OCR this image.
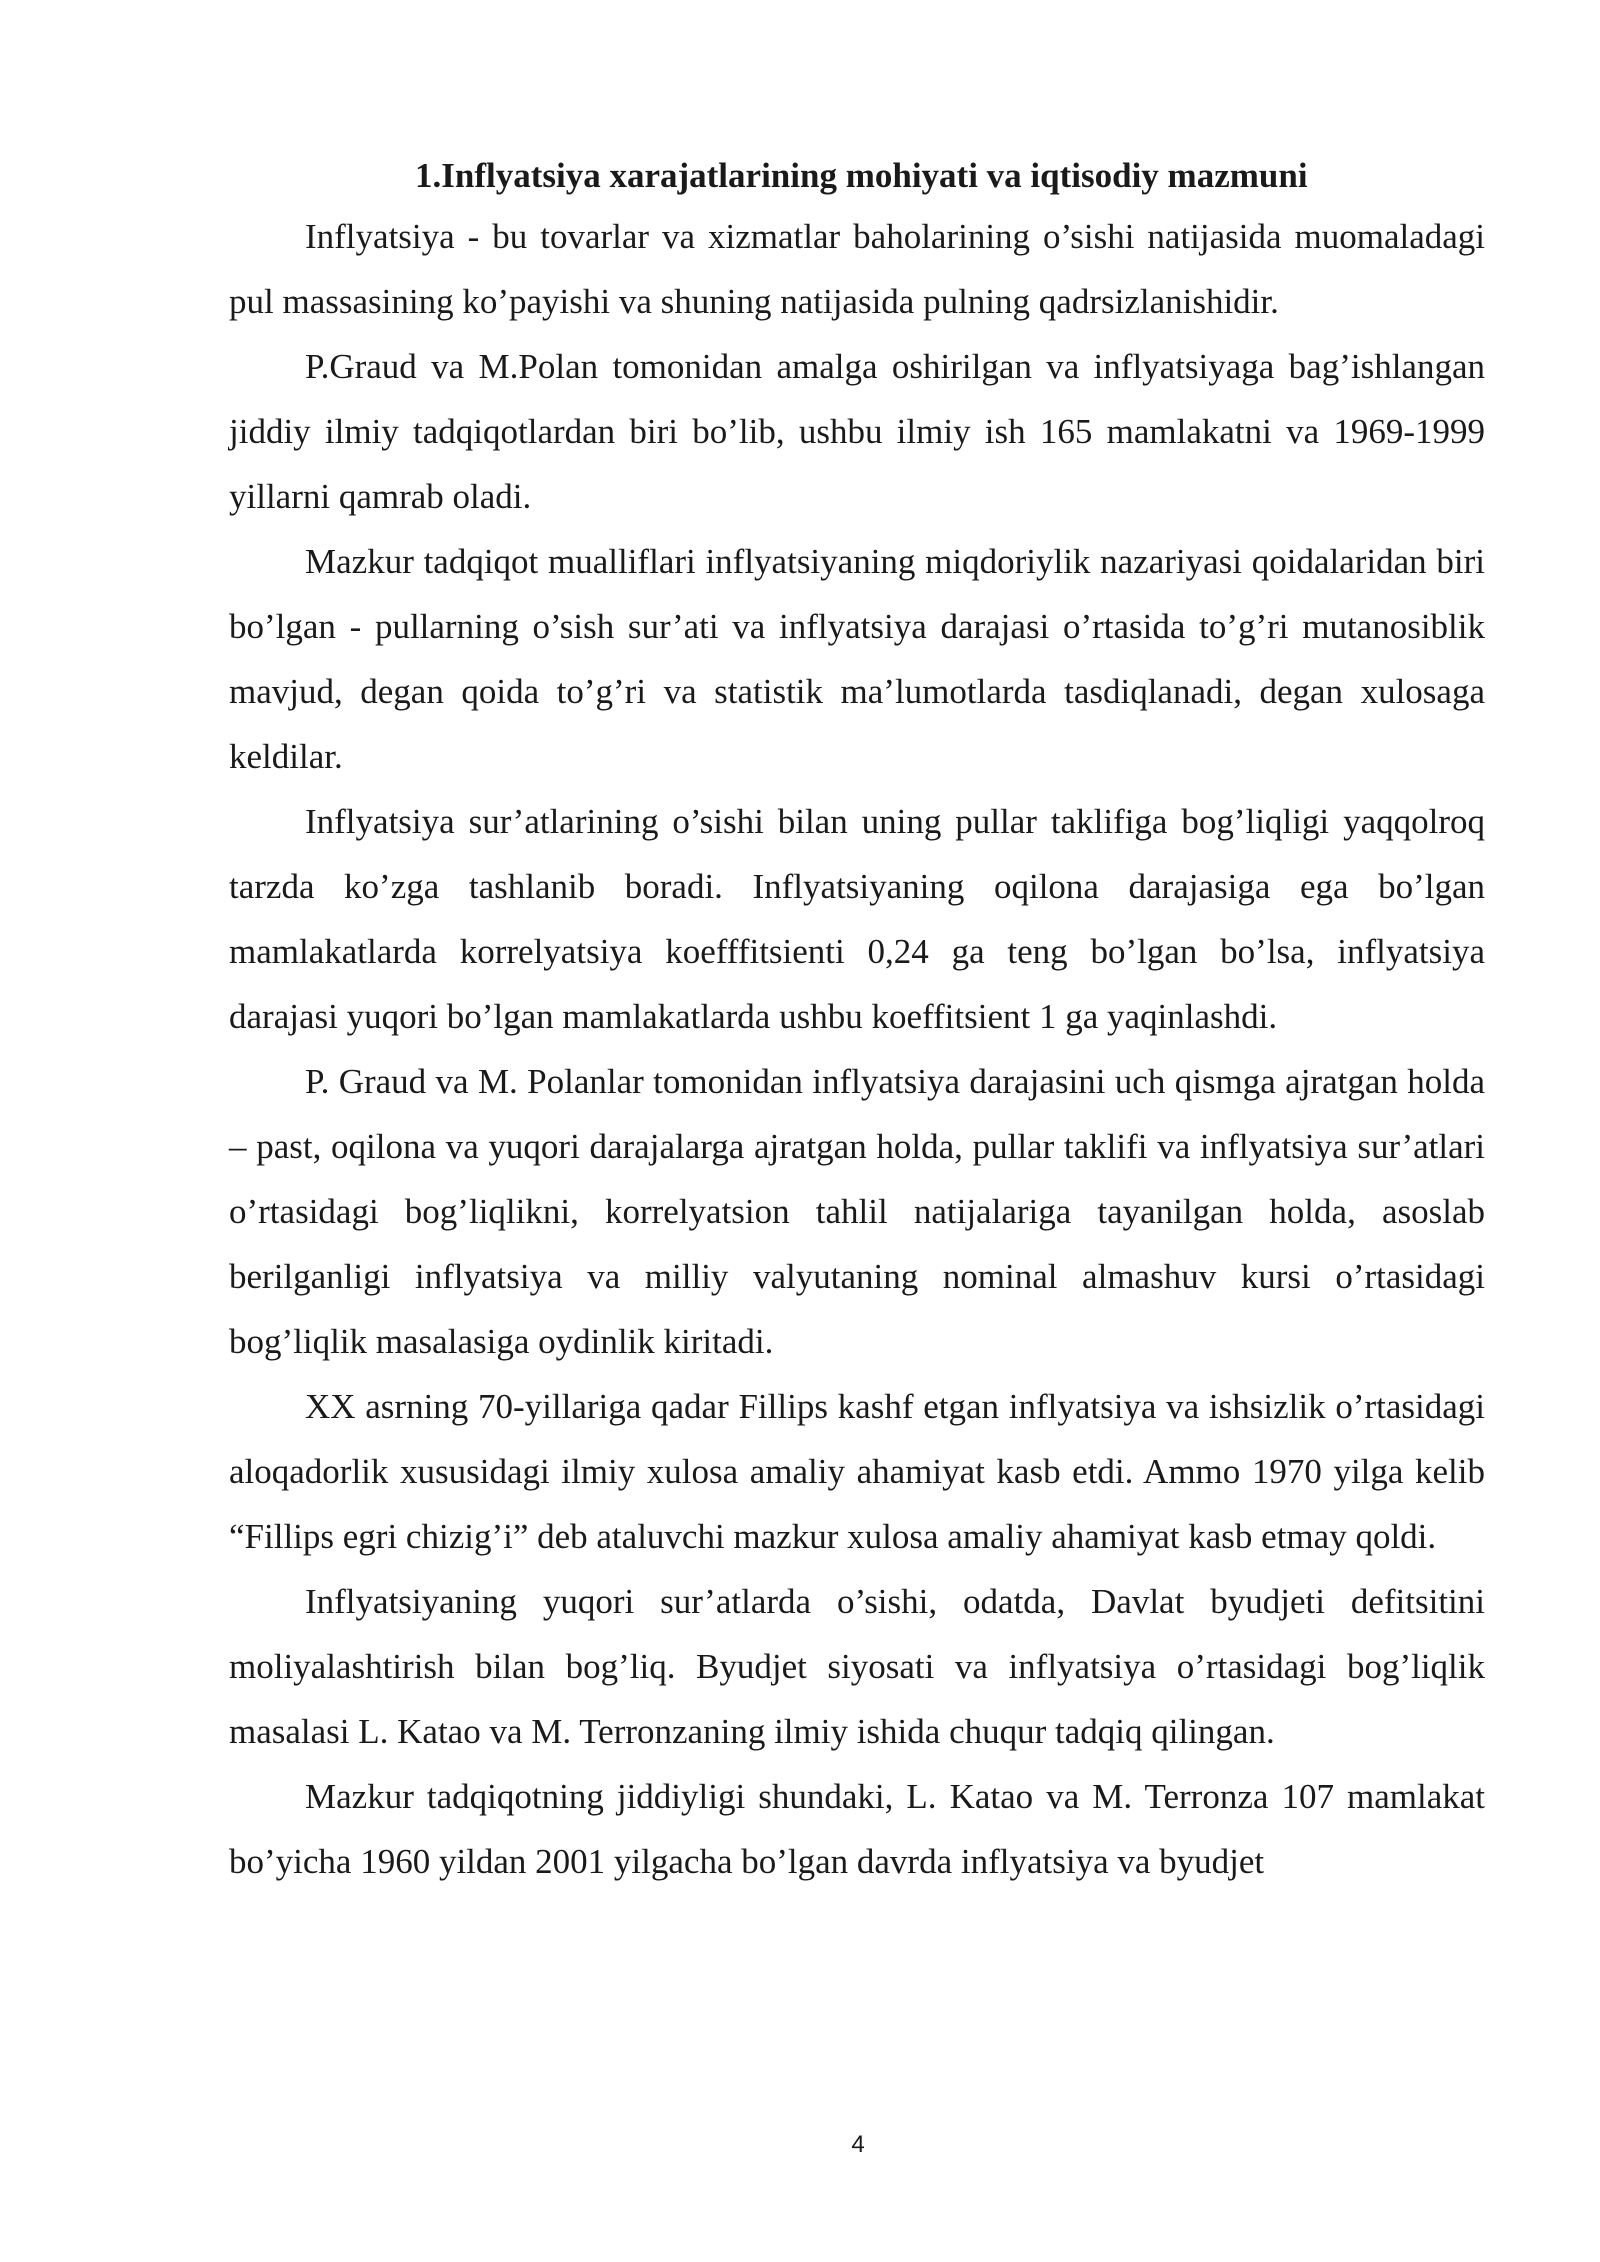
1.Inflyatsiya xarajatlarining mohiyati va iqtisodiy mazmuni

Inflyatsiya - bu tovarlar va xizmatlar baholarining o’sishi natijasida muomaladagi pul massasining ko’payishi va shuning natijasida pulning qadrsizlanishidir.

P.Graud va M.Polan tomonidan amalga oshirilgan va inflyatsiyaga bag’ishlangan jiddiy ilmiy tadqiqotlardan biri bo’lib, ushbu ilmiy ish 165 mamlakatni va 1969-1999 yillarni qamrab oladi.

Mazkur tadqiqot mualliflari inflyatsiyaning miqdoriylik nazariyasi qoidalaridan biri bo’lgan - pullarning o’sish sur’ati va inflyatsiya darajasi o’rtasida to’g’ri mutanosiblik mavjud, degan qoida to’g’ri va statistik ma’lumotlarda tasdiqlanadi, degan xulosaga keldilar.

Inflyatsiya sur’atlarining o’sishi bilan uning pullar taklifiga bog’liqligi yaqqolroq tarzda ko’zga tashlanib boradi. Inflyatsiyaning oqilona darajasiga ega bo’lgan mamlakatlarda korrelyatsiya koefffitsienti 0,24 ga teng bo’lgan bo’lsa, inflyatsiya darajasi yuqori bo’lgan mamlakatlarda ushbu koeffitsient 1 ga yaqinlashdi.

P. Graud va M. Polanlar tomonidan inflyatsiya darajasini uch qismga ajratgan holda – past, oqilona va yuqori darajalarga ajratgan holda, pullar taklifi va inflyatsiya sur’atlari o’rtasidagi bog’liqlikni, korrelyatsion tahlil natijalariga tayanilgan holda, asoslab berilganligi inflyatsiya va milliy valyutaning nominal almashuv kursi o’rtasidagi bog’liqlik masalasiga oydinlik kiritadi.

XX asrning 70-yillariga qadar Fillips kashf etgan inflyatsiya va ishsizlik o’rtasidagi aloqadorlik xususidagi ilmiy xulosa amaliy ahamiyat kasb etdi. Ammo 1970 yilga kelib “Fillips egri chizig’i” deb ataluvchi mazkur xulosa amaliy ahamiyat kasb etmay qoldi.

Inflyatsiyaning yuqori sur’atlarda o’sishi, odatda, Davlat byudjeti defitsitini moliyalashtirish bilan bog’liq. Byudjet siyosati va inflyatsiya o’rtasidagi bog’liqlik masalasi L. Katao va M. Terronzaning ilmiy ishida chuqur tadqiq qilingan.

Mazkur tadqiqotning jiddiyligi shundaki, L. Katao va M. Terronza 107 mamlakat bo’yicha 1960 yildan 2001 yilgacha bo’lgan davrda inflyatsiya va byudjet

4
